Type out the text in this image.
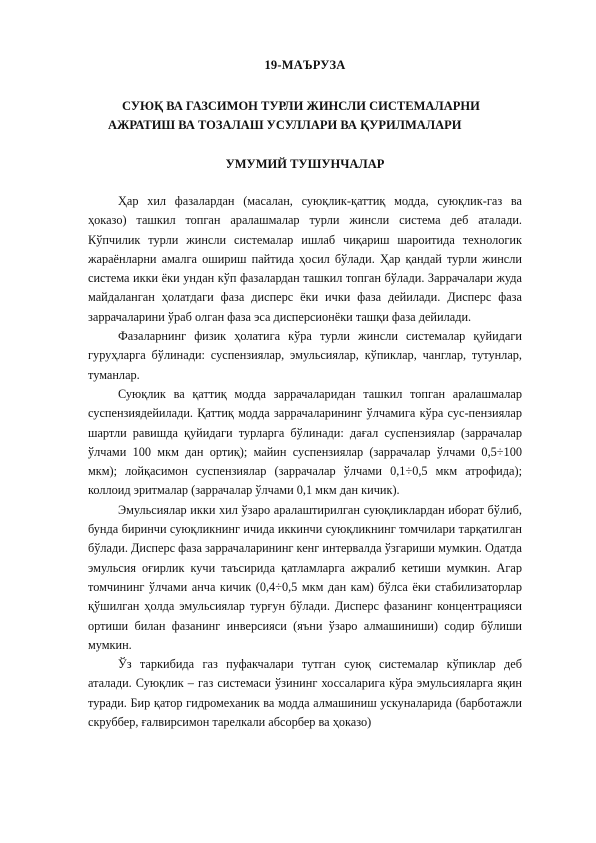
19-МАЪРУЗА
СУЮҚ ВА ГАЗСИМОН ТУРЛИ ЖИНСЛИ СИСТЕМАЛАРНИ
АЖРАТИШ ВА ТОЗАЛАШ УСУЛЛАРИ ВА ҚУРИЛМАЛАРИ
УМУМИЙ ТУШУНЧАЛАР

Ҳар хил фазалардан (масалан, суюқлик-қаттиқ модда, суюқлик-газ ва ҳоказо) ташкил топган аралашмалар турли жинсли система деб аталади. Кўпчилик турли жинсли системалар ишлаб чиқариш шароитида технологик жараёнларни амалга ошириш пайтида ҳосил бўлади. Ҳар қандай турли жинсли система икки ёки ундан кўп фазалардан ташкил топган бўлади. Заррачалари жуда майдаланган ҳолатдаги фаза дисперс ёки ички фаза дейилади. Дисперс фаза заррачаларини ўраб олган фаза эса дисперсионёки ташқи фаза дейилади.

Фазаларнинг физик ҳолатига кўра турли жинсли системалар қуйидаги гуруҳларга бўлинади: суспензиялар, эмульсиялар, кўпиклар, чанглар, тутунлар, туманлар.

Суюқлик ва қаттиқ модда заррачаларидан ташкил топган аралашмалар суспензиядейилади. Қаттиқ модда заррачаларининг ўлчамига кўра сус-пензиялар шартли равишда қуйидаги турларга бўлинади: дағал суспензиялар (заррачалар ўлчами 100 мкм дан ортиқ); майин суспензиялар (заррачалар ўлчами 0,5÷100 мкм); лойқасимон суспензиялар (заррачалар ўлчами 0,1÷0,5 мкм атрофида); коллоид эритмалар (заррачалар ўлчами 0,1 мкм дан кичик).

Эмульсиялар икки хил ўзаро аралаштирилган суюқликлардан иборат бўлиб, бунда биринчи суюқликнинг ичида иккинчи суюқликнинг томчилари тарқатилган бўлади. Дисперс фаза заррачаларининг кенг интервалда ўзгариши мумкин. Одатда эмульсия оғирлик кучи таъсирида қатламларга ажралиб кетиши мумкин. Агар томчининг ўлчами анча кичик (0,4÷0,5 мкм дан кам) бўлса ёки стабилизаторлар қўшилган ҳолда эмульсиялар турғун бўлади. Дисперс фазанинг концентрацияси ортиши билан фазанинг инверсияси (яъни ўзаро алмашиниши) содир бўлиши мумкин.

Ўз таркибида газ пуфакчалари тутган суюқ системалар кўпиклар деб аталади. Суюқлик – газ системаси ўзининг хоссаларига кўра эмульсияларга яқин туради. Бир қатор гидромеханик ва модда алмашиниш ускуналарида (барботажли скруббер, ғалвирсимон тарелкали абсорбер ва ҳоказо)
